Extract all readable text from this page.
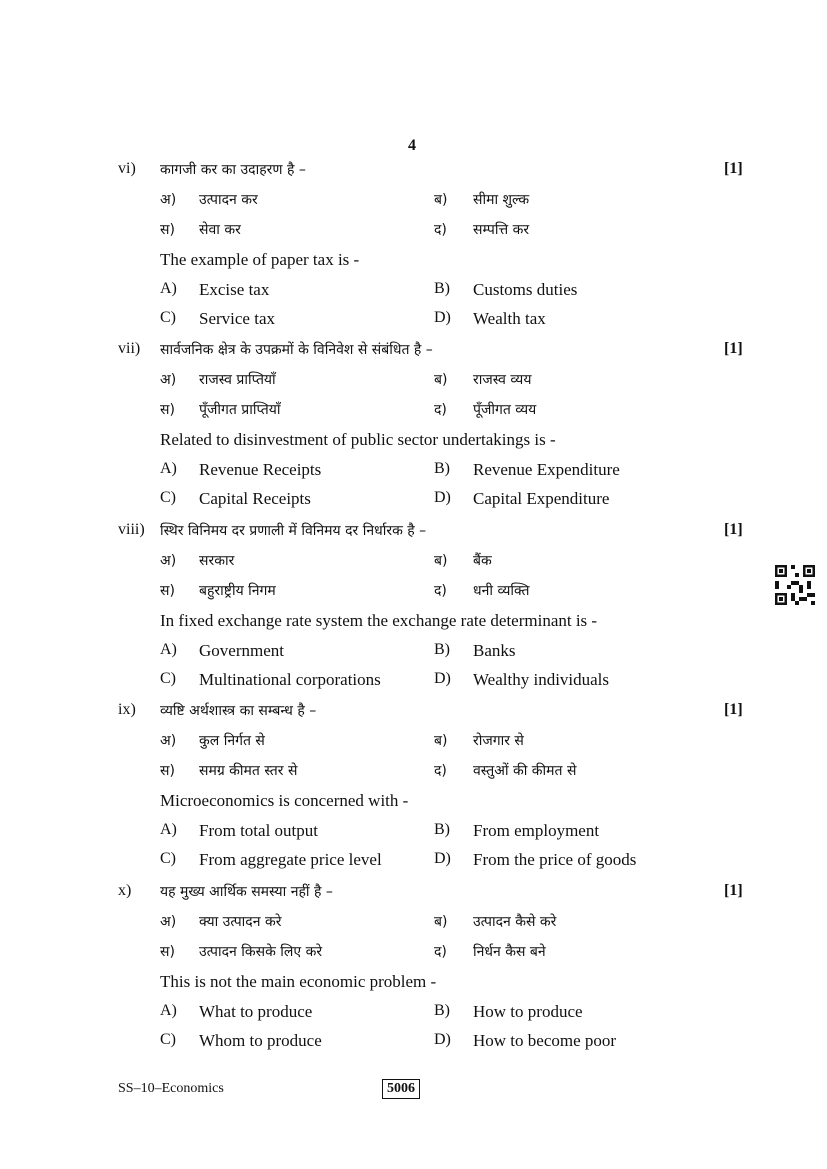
4
vi) कागजी कर का उदाहरण है –	[1]
अ) उत्पादन कर	ब) सीमा शुल्क
स) सेवा कर	द) सम्पत्ति कर
The example of paper tax is -
A) Excise tax	B) Customs duties
C) Service tax	D) Wealth tax
vii) सार्वजनिक क्षेत्र के उपक्रमों के विनिवेश से संबंधित है –	[1]
अ) राजस्व प्राप्तियाँ	ब) राजस्व व्यय
स) पूँजीगत प्राप्तियाँ	द) पूँजीगत व्यय
Related to disinvestment of public sector undertakings is -
A) Revenue Receipts	B) Revenue Expenditure
C) Capital Receipts	D) Capital Expenditure
viii) स्थिर विनिमय दर प्रणाली में विनिमय दर निर्धारक है –	[1]
अ) सरकार	ब) बैंक
स) बहुराष्ट्रीय निगम	द) धनी व्यक्ति
In fixed exchange rate system the exchange rate determinant is -
A) Government	B) Banks
C) Multinational corporations	D) Wealthy individuals
ix) व्यष्टि अर्थशास्त्र का सम्बन्ध है –	[1]
अ) कुल निर्गत से	ब) रोजगार से
स) समग्र कीमत स्तर से	द) वस्तुओं की कीमत से
Microeconomics is concerned with -
A) From total output	B) From employment
C) From aggregate price level	D) From the price of goods
x) यह मुख्य आर्थिक समस्या नहीं है –	[1]
अ) क्या उत्पादन करे	ब) उत्पादन कैसे करे
स) उत्पादन किसके लिए करे	द) निर्धन कैस बने
This is not the main economic problem -
A) What to produce	B) How to produce
C) Whom to produce	D) How to become poor
SS–10–Economics	5006
